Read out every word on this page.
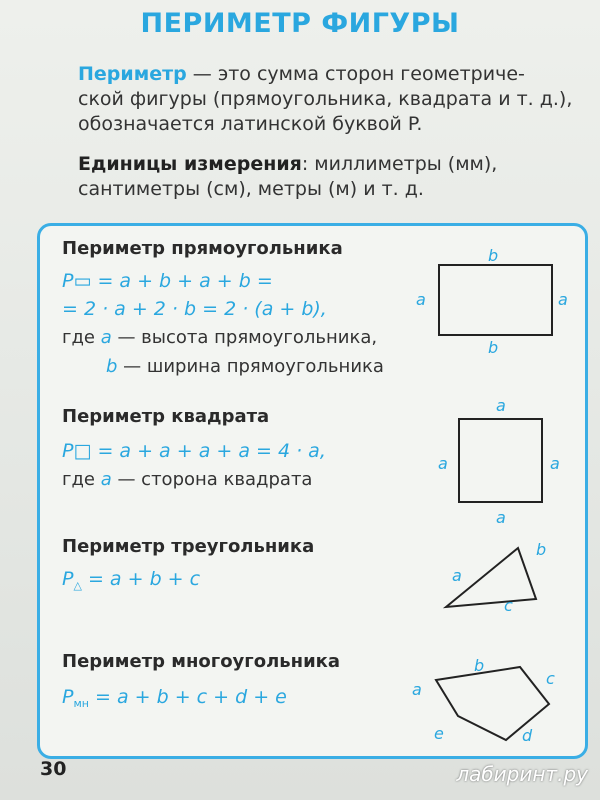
ПЕРИМЕТР ФИГУРЫ
Периметр — это сумма сторон геометриче-
ской фигуры (прямоугольника, квадрата и т. д.),
обозначается латинской буквой P.
Единицы измерения: миллиметры (мм),
сантиметры (см), метры (м) и т. д.
Периметр прямоугольника
P▭ = a + b + a + b =
= 2 · a + 2 · b = 2 · (a + b),
где a — высота прямоугольника,
b — ширина прямоугольника
b
b
a	a
Периметр квадрата
P□ = a + a + a + a = 4 · a,
где a — сторона квадрата
a
a
a	a
Периметр треугольника
$P_\triangle = a + b + c$	a
b
c
Периметр многоугольника
$P_{мн} = a + b + c + d + e$	a
b
c
d
e
30	лабиринт.ру
